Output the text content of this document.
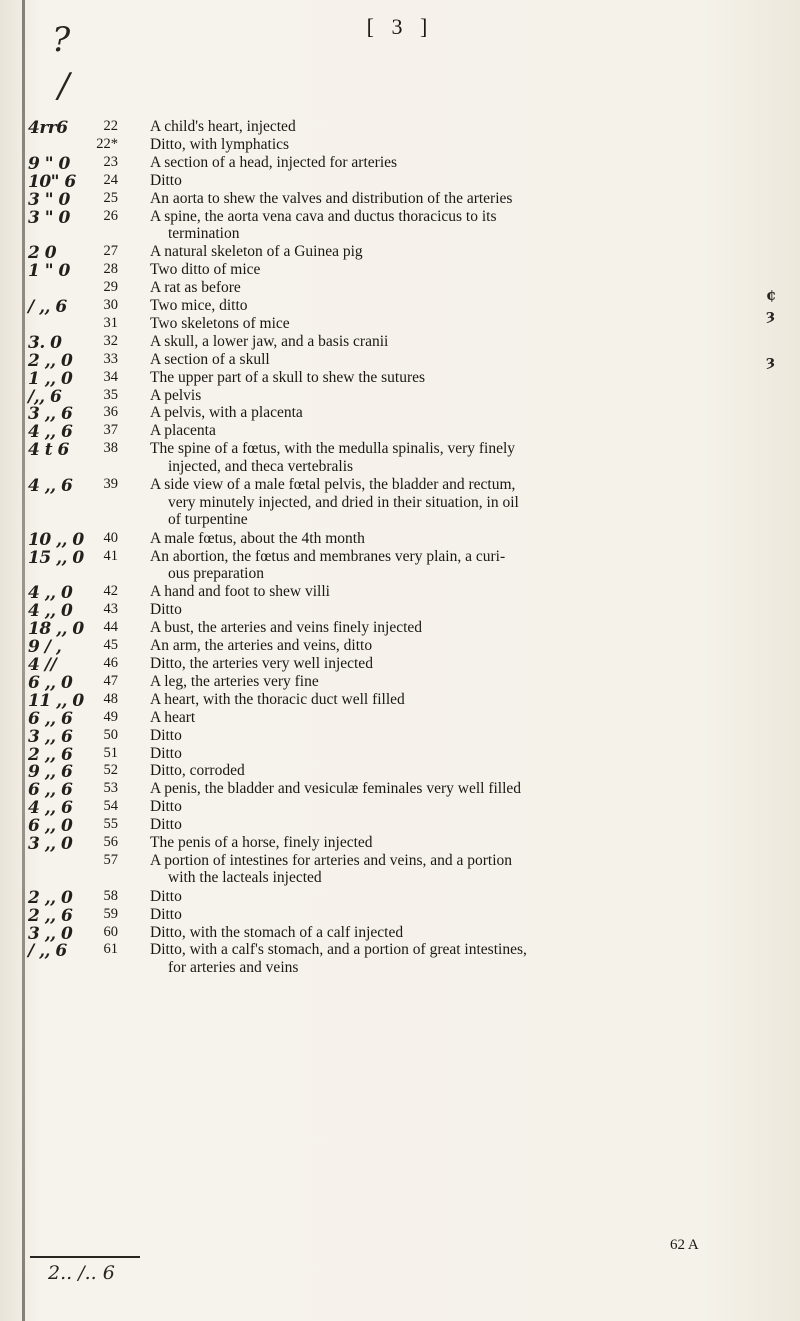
?
/
[ 3 ]
4rr6	22 A child's heart, injected
*22 Ditto, with lymphatics
9 " 0	23 A section of a head, injected for arteries
10" 6	24 Ditto
3 " 0	25 An aorta to shew the valves and distribution of the arteries
3 " 0	26 A spine, the aorta vena cava and ductus thoracicus to its
termination
2 0	27 A natural skeleton of a Guinea pig
1 " 0	28 Two ditto of mice
29 A rat as before
/ ,, 6	30 Two mice, ditto
31 Two skeletons of mice
3. 0	32 A skull, a lower jaw, and a basis cranii
2 ,, 0	33 A section of a skull
1 ,, 0	34 The upper part of a skull to shew the sutures
/,, 6	35 A pelvis
3 ,, 6	36 A pelvis, with a placenta
4 ,, 6	37 A placenta
4 t 6	38 The spine of a fœtus, with the medulla spinalis, very finely
injected, and theca vertebralis
4 ,, 6	39 A side view of a male fœtal pelvis, the bladder and rectum,
very minutely injected, and dried in their situation, in oil
of turpentine
10 ,, 0	40 A male fœtus, about the 4th month
15 ,, 0	41 An abortion, the fœtus and membranes very plain, a curi-
ous preparation
4 ,, 0	42 A hand and foot to shew villi
4 ,, 0	43 Ditto
18 ,, 0	44 A bust, the arteries and veins finely injected
9 / ,	45 An arm, the arteries and veins, ditto
4 //	46 Ditto, the arteries very well injected
6 ,, 0	47 A leg, the arteries very fine
11 ,, 0	48 A heart, with the thoracic duct well filled
6 ,, 6	49 A heart
3 ,, 6	50 Ditto
2 ,, 6	51 Ditto
9 ,, 6	52 Ditto, corroded
6 ,, 6	53 A penis, the bladder and vesiculæ feminales very well filled
4 ,, 6	54 Ditto
6 ,, 0	55 Ditto
3 ,, 0	56 The penis of a horse, finely injected
57 A portion of intestines for arteries and veins, and a portion
with the lacteals injected
2 ,, 0	58 Ditto
2 ,, 6	59 Ditto
3 ,, 0	60 Ditto, with the stomach of a calf injected
/ ,, 6	61 Ditto, with a calf's stomach, and a portion of great intestines,
for arteries and veins
2.. /.. 6
62 A
¢
ȝ
ȝ
